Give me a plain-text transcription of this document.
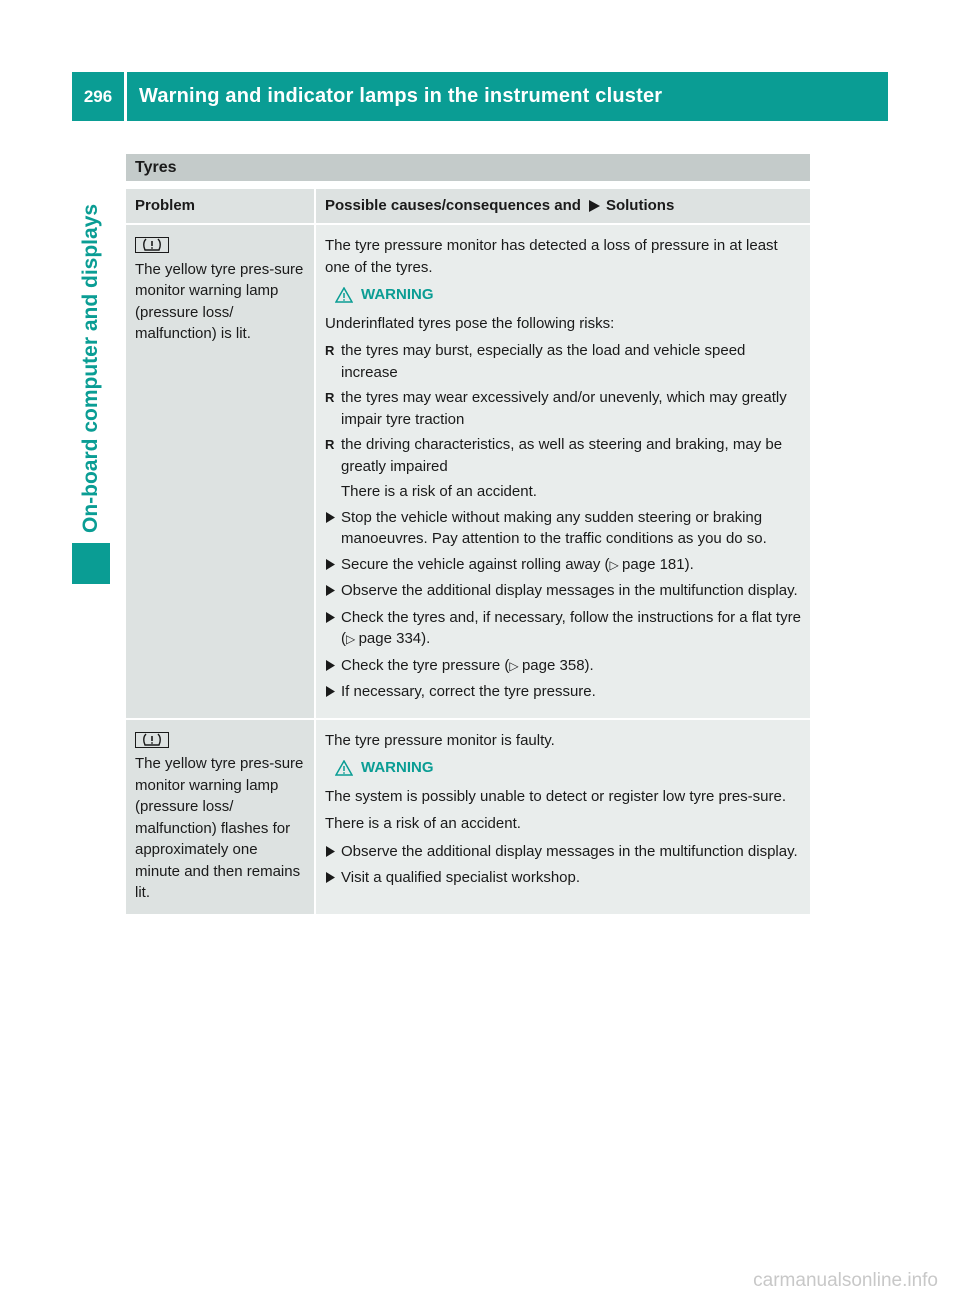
296	Warning and indicator lamps in the instrument cluster
On-board computer and displays
Tyres
Problem	Possible causes/consequences and Solutions
The yellow tyre pres-sure monitor warning lamp (pressure loss/ malfunction) is lit.

The tyre pressure monitor has detected a loss of pressure in at least one of the tyres.

WARNING

Underinflated tyres pose the following risks:

R the tyres may burst, especially as the load and vehicle speed increase
R the tyres may wear excessively and/or unevenly, which may greatly impair tyre traction
R the driving characteristics, as well as steering and braking, may be greatly impaired
There is a risk of an accident.
Stop the vehicle without making any sudden steering or braking manoeuvres. Pay attention to the traffic conditions as you do so.
Secure the vehicle against rolling away (▷ page 181).
Observe the additional display messages in the multifunction display.
Check the tyres and, if necessary, follow the instructions for a flat tyre (▷ page 334).
Check the tyre pressure (▷ page 358).
If necessary, correct the tyre pressure.
The yellow tyre pres-sure monitor warning lamp (pressure loss/ malfunction) flashes for approximately one minute and then remains lit.

The tyre pressure monitor is faulty.

WARNING

The system is possibly unable to detect or register low tyre pres-sure.

There is a risk of an accident.

Observe the additional display messages in the multifunction display.
Visit a qualified specialist workshop.
carmanualsonline.info
